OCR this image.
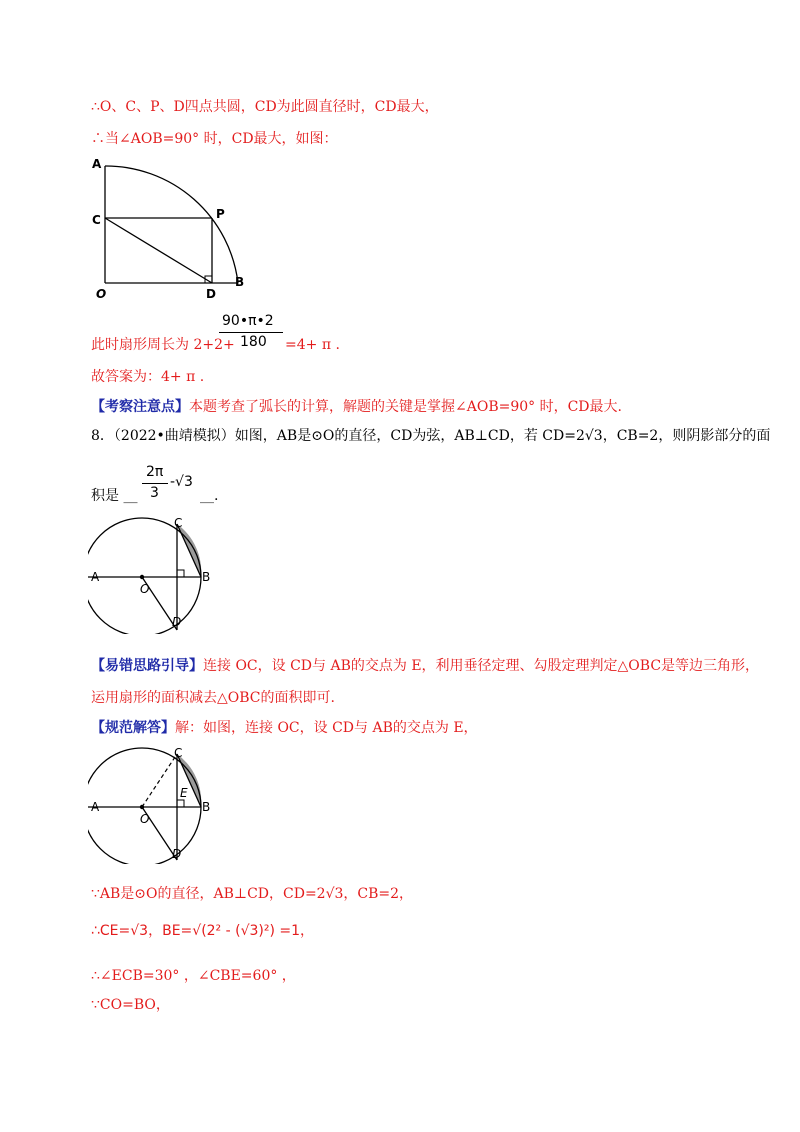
∴O、C、P、D四点共圆，CD为此圆直径时，CD最大，
∴当∠AOB=90° 时，CD最大，如图：
A
C	P
O	D
B
此时扇形周长为 2+2+
90•π•2
180 =4+ π .
故答案为：4+ π .
【考察注意点】本题考查了弧长的计算，解题的关键是掌握∠AOB=90° 时，CD最大.
8．（2022•曲靖模拟）如图，AB是⊙O的直径，CD为弦，AB⊥CD，若 CD=2√3，CB=2，则阴影部分的面
积是 __
2π
3
-√3
__.
A
O
C
B
D
【易错思路引导】连接 OC，设 CD与 AB的交点为 E，利用垂径定理、勾股定理判定△OBC是等边三角形，
运用扇形的面积减去△OBC的面积即可.
【规范解答】解：如图，连接 OC，设 CD与 AB的交点为 E，
A
O
C
E
B
D
∵AB是⊙O的直径，AB⊥CD，CD=2√3，CB=2，
∴CE=√3，BE=√(2² - (√3)²) =1，
∴∠ECB=30° ，∠CBE=60° ，
∵CO=BO，
